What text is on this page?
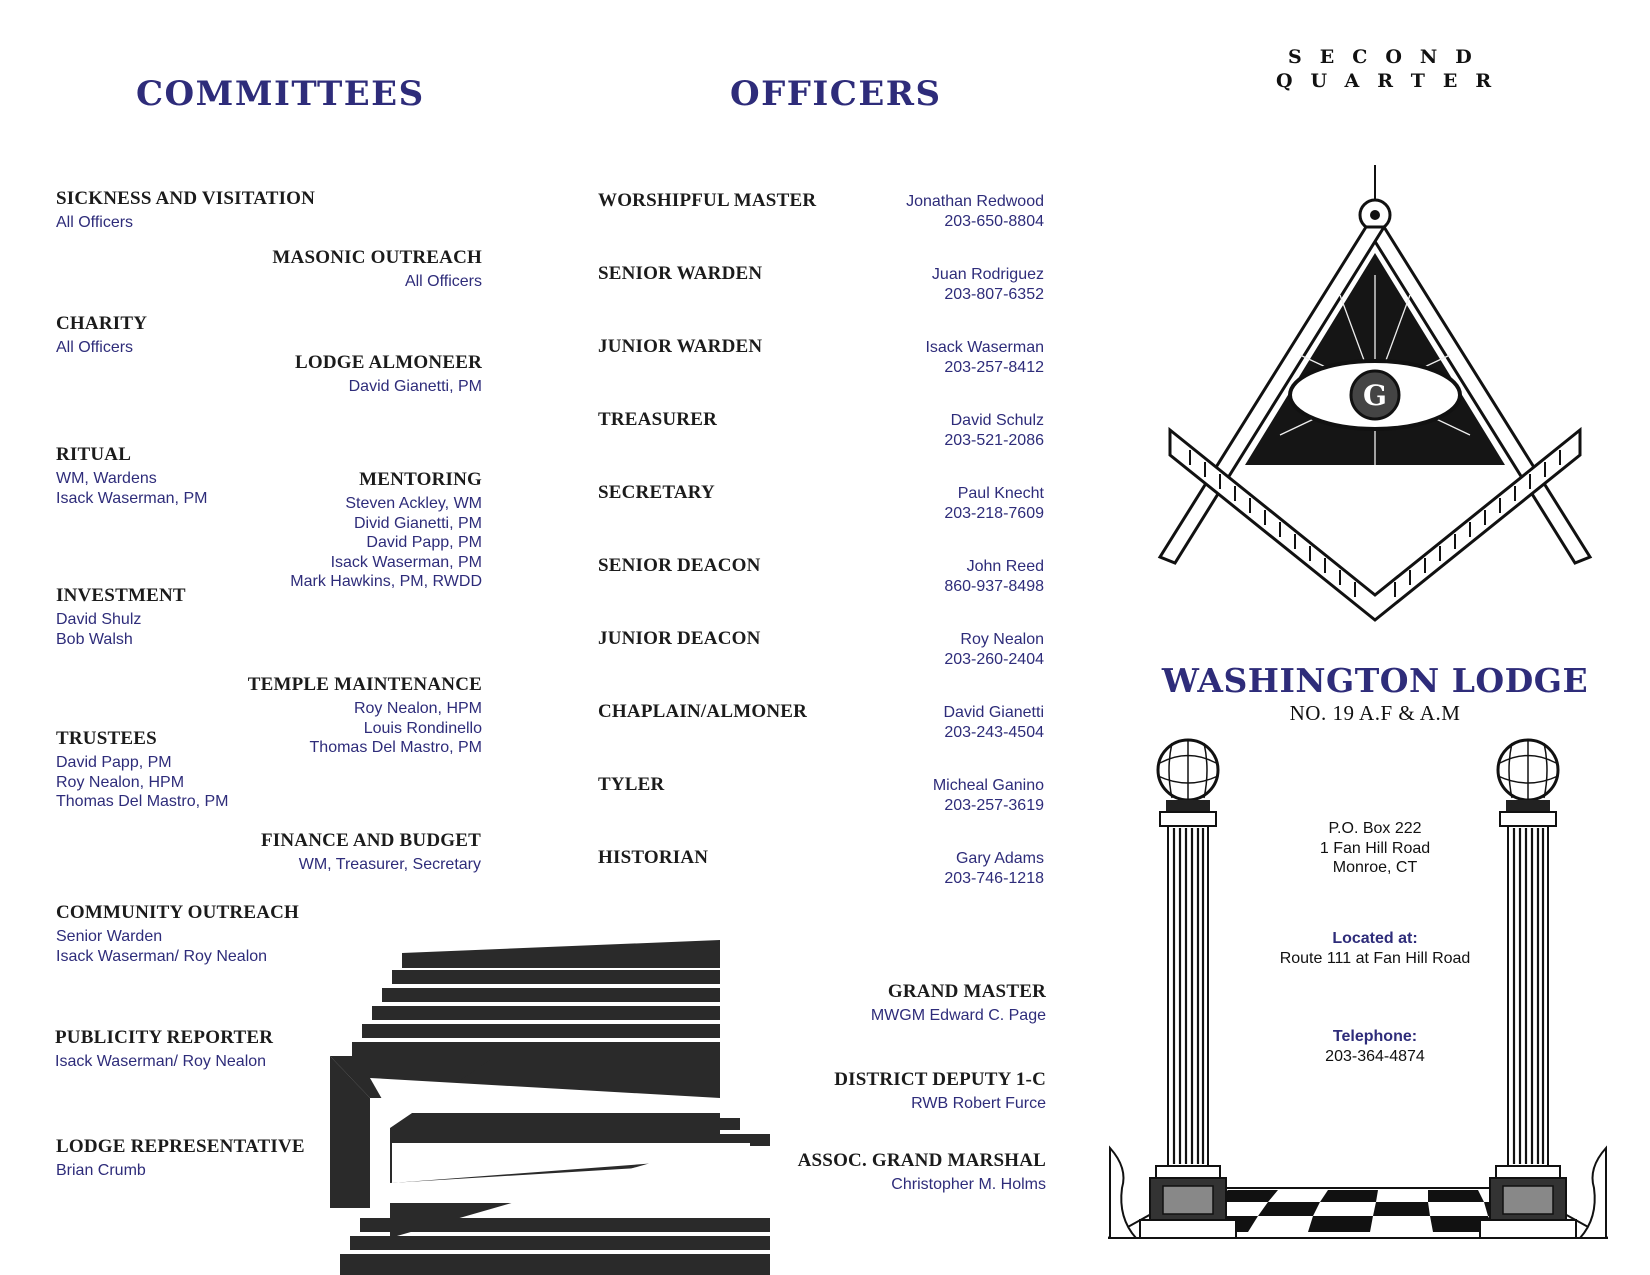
COMMITTEES
SICKNESS AND VISITATION
All Officers
CHARITY
All Officers
RITUAL
WM, Wardens
Isack Waserman, PM
INVESTMENT
David Shulz
Bob Walsh
TRUSTEES
David Papp, PM
Roy Nealon, HPM
Thomas Del Mastro, PM
COMMUNITY OUTREACH
Senior Warden
Isack Waserman/ Roy Nealon
PUBLICITY REPORTER
Isack Waserman/ Roy Nealon
LODGE REPRESENTATIVE
Brian Crumb
MASONIC OUTREACH
All Officers
LODGE ALMONEER
David Gianetti, PM
MENTORING
Steven Ackley, WM
Divid Gianetti, PM
David Papp, PM
Isack Waserman, PM
Mark Hawkins, PM, RWDD
TEMPLE MAINTENANCE
Roy Nealon, HPM
Louis Rondinello
Thomas Del Mastro, PM
FINANCE AND BUDGET
WM, Treasurer, Secretary
OFFICERS
WORSHIPFUL MASTER	Jonathan Redwood
203-650-8804
SENIOR WARDEN	Juan Rodriguez
203-807-6352
JUNIOR WARDEN	Isack Waserman
203-257-8412
TREASURER	David Schulz
203-521-2086
SECRETARY	Paul Knecht
203-218-7609
SENIOR DEACON	John Reed
860-937-8498
JUNIOR DEACON	Roy Nealon
203-260-2404
CHAPLAIN/ALMONER	David Gianetti
203-243-4504
TYLER	Micheal Ganino
203-257-3619
HISTORIAN	Gary Adams
203-746-1218
GRAND MASTER
MWGM Edward C. Page
DISTRICT DEPUTY 1-C
RWB Robert Furce
ASSOC. GRAND MARSHAL
Christopher M. Holms
SECOND
QUARTER
G
WASHINGTON LODGE
NO. 19 A.F & A.M
P.O. Box 222
1 Fan Hill Road
Monroe, CT
Located at:
Route 111 at Fan Hill Road
Telephone:
203-364-4874
